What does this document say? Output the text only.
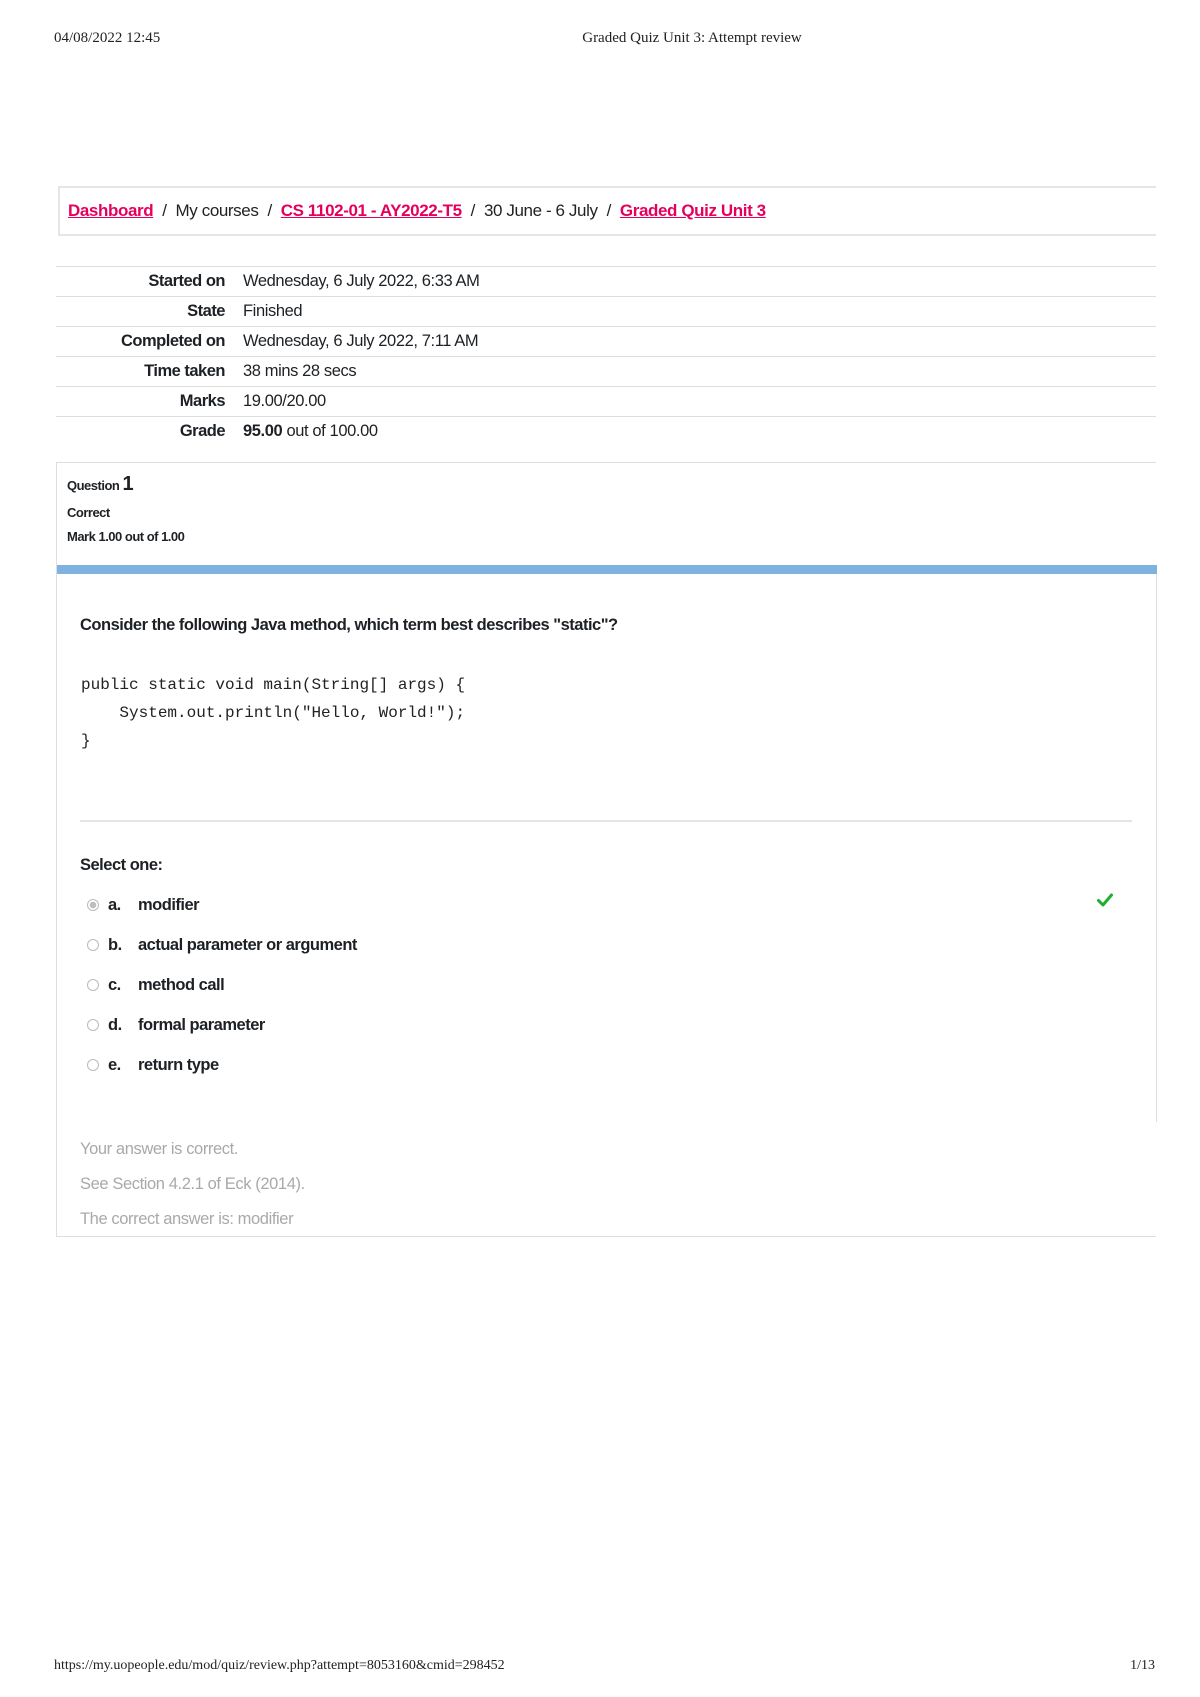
04/08/2022 12:45	Graded Quiz Unit 3: Attempt review
Dashboard / My courses / CS 1102-01 - AY2022-T5 / 30 June - 6 July / Graded Quiz Unit 3
Started on	Wednesday, 6 July 2022, 6:33 AM
State	Finished
Completed on	Wednesday, 6 July 2022, 7:11 AM
Time taken	38 mins 28 secs
Marks	19.00/20.00
Grade	95.00 out of 100.00
Question 1
Correct
Mark 1.00 out of 1.00
Consider the following Java method, which term best describes "static"?
public static void main(String[] args) {
System.out.println("Hello, World!");
}
Select one:
a.	modifier
b. actual parameter or argument
c.	method call
d. formal parameter
e.	return type
Your answer is correct.
See Section 4.2.1 of Eck (2014).
The correct answer is: modifier
https://my.uopeople.edu/mod/quiz/review.php?attempt=8053160&cmid=298452	1/13
